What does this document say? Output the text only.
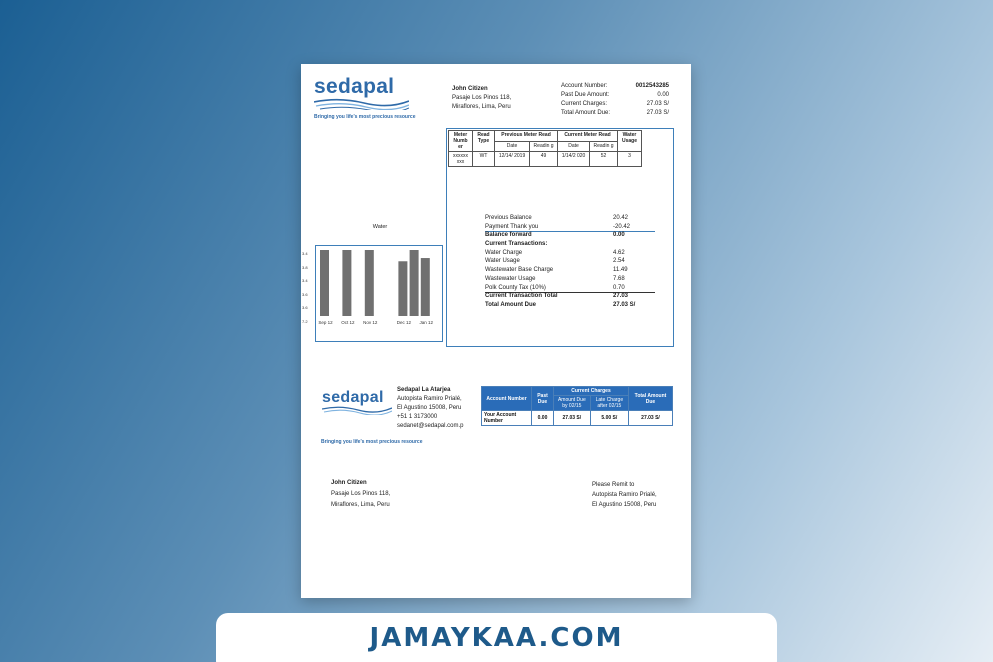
sedapal
Bringing you life's most precious resource
John Citizen
Pasaje Los Pinos 118,
Miraflores, Lima, Peru
Account Number:	0012543285
Past Due Amount:	0.00
Current Charges:	27.03 S/
Total Amount Due:	27.03 S/
Meter Numb er	Read Type	Previous Meter Read		Current Meter Read		Water Usage
		Date	Readin g	Date	Readin g	
xxxxxx xxx	WT	12/14/ 2019	49	1/14/2 020	52	3
Previous Balance	20.42
Payment Thank you	-20.42
Balance forward	0.00
Current Transactions:
Water Charge	4.62
Water Usage	2.54
Wastewater Base Charge	11.49
Wastewater Usage	7.68
Polk County Tax (10%)	0.70
Current Transaction Total	27.03
Total Amount Due	27.03 S/
Water
Sep 12 Oct 12 Nov 12	Dec 12 Jan 12
3.4
3.8
3.4
3.6
3.6
7.2
sedapal
Bringing you life's most precious resource
Sedapal La Atarjea
Autopista Ramiro Prialé,
El Agustino 15008, Peru
+51 1 3173000
sedanet@sedapal.com.p
Account Number	Past Due	Current Charges		Total Amount Due
		Amount Due by 02/15	Late Charge after 02/15	
Your Account Number	0.00	27.03 S/	5.00 S/	27.03 S/
John Citizen
Pasaje Los Pinos 118,
Miraflores, Lima, Peru
Please Remit to
Autopista Ramiro Prialé,
El Agustino 15008, Peru
JAMAYKAA.COM
